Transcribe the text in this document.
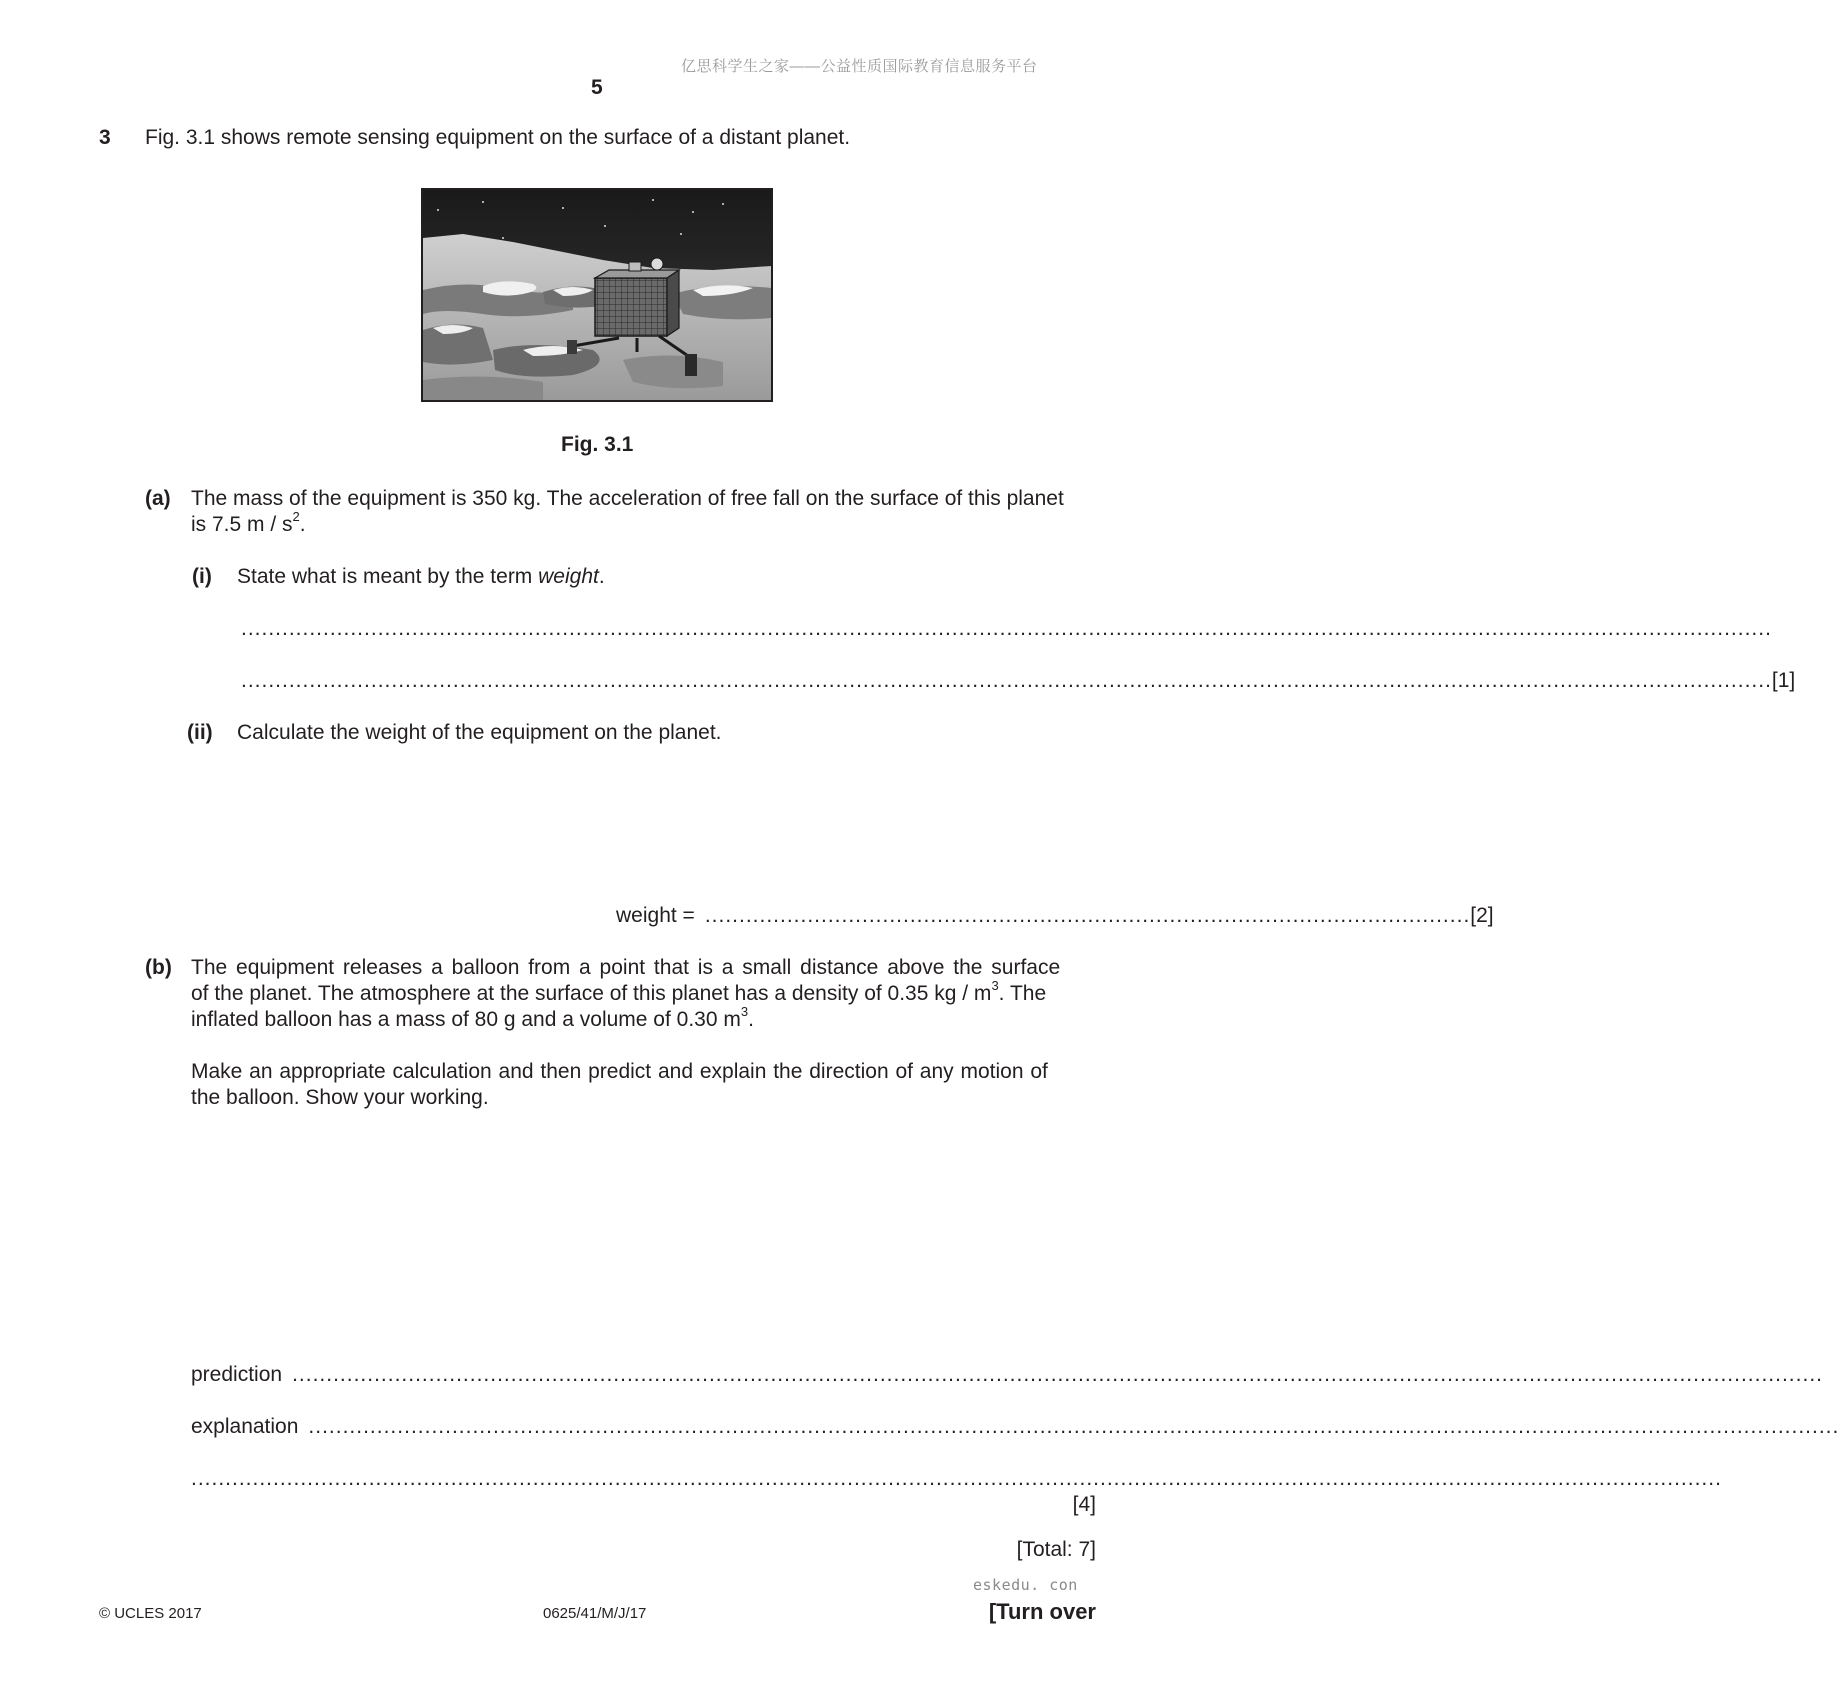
亿思科学生之家——公益性质国际教育信息服务平台
5
3 Fig. 3.1 shows remote sensing equipment on the surface of a distant planet.
Fig. 3.1
(a) The mass of the equipment is 350 kg. The acceleration of free fall on the surface of this planet
is 7.5 m / $s^2$.
(i) State what is meant by the term weight.
................................................................................................................................................................................................................................
................................................................................................................................................................................................................................ [1]
(ii) Calculate the weight of the equipment on the planet.
weight = ................................................................................................................ [2]
(b) The equipment releases a balloon from a point that is a small distance above the surface
of the planet. The atmosphere at the surface of this planet has a density of 0.35 kg / $m^3$. The
inflated balloon has a mass of 80 g and a volume of 0.30 $m^3$.
Make an appropriate calculation and then predict and explain the direction of any motion of
the balloon. Show your working.
prediction ................................................................................................................................................................................................................................
explanation ................................................................................................................................................................................................................................
................................................................................................................................................................................................................................
[4]
[Total: 7]
eskedu. con
© UCLES 2017	0625/41/M/J/17	[Turn over
